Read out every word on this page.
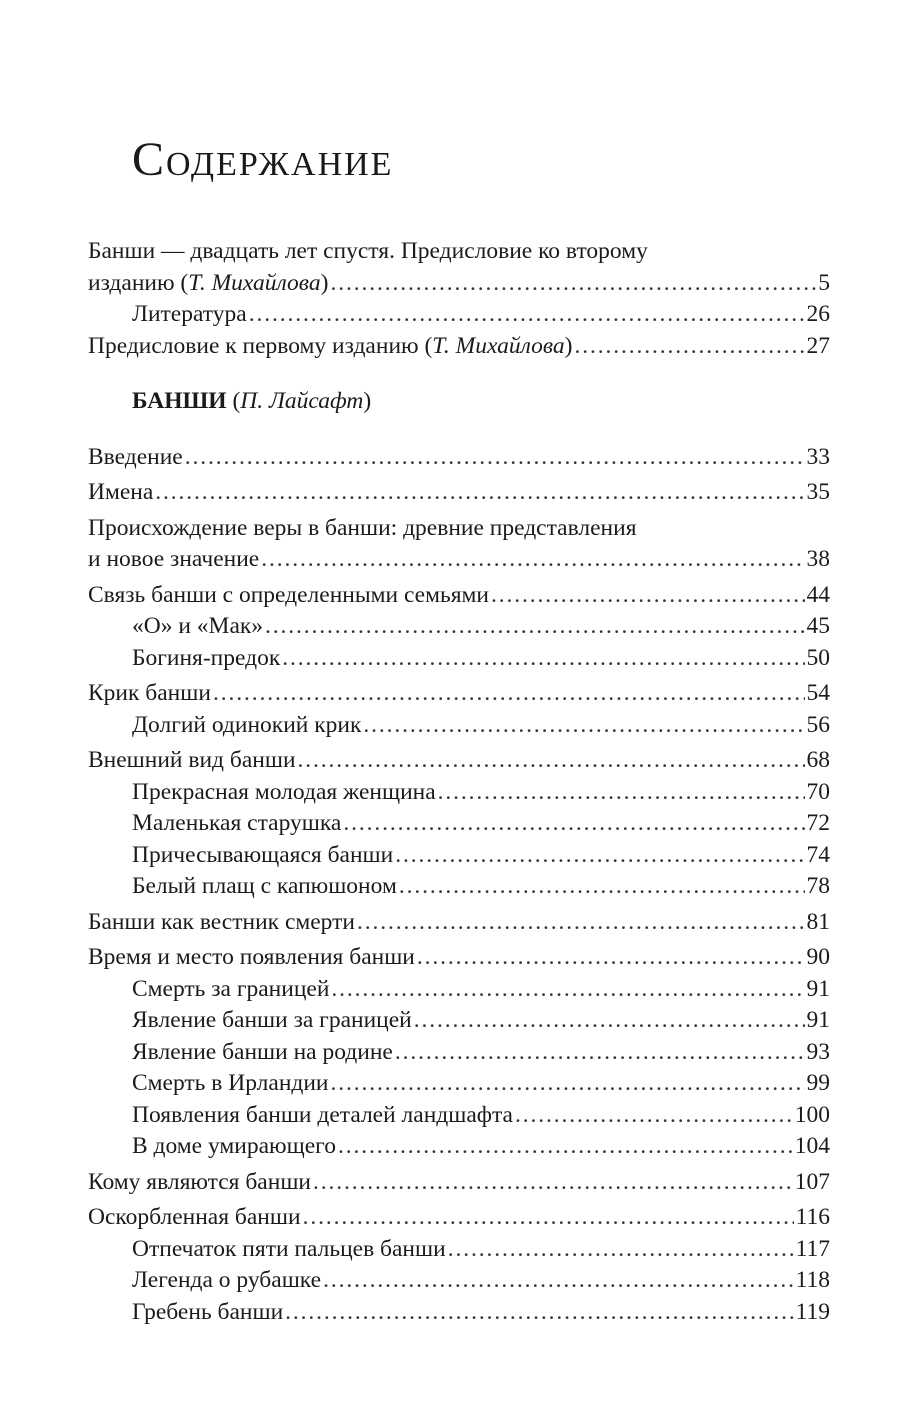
Содержание
Банши — двадцать лет спустя. Предисловие ко второму
изданию (Т. Михайлова) . . .	5
Литература . . .	26
Предисловие к первому изданию (Т. Михайлова) . . .	27
БАНШИ (П. Лайсафт)
Введение . . .	33
Имена . . .	35
Происхождение веры в банши: древние представления
и новое значение . . .	38
Связь банши с определенными семьями . . .	44
«О» и «Мак» . . .	45
Богиня-предок . . .	50
Крик банши . . .	54
Долгий одинокий крик . . .	56
Внешний вид банши . . .	68
Прекрасная молодая женщина . . .	70
Маленькая старушка . . .	72
Причесывающаяся банши . . .	74
Белый плащ с капюшоном . . .	78
Банши как вестник смерти . . .	81
Время и место появления банши . . .	90
Смерть за границей . . .	91
Явление банши за границей . . .	91
Явление банши на родине . . .	93
Смерть в Ирландии . . .	99
Появления банши деталей ландшафта . . .	100
В доме умирающего . . .	104
Кому являются банши . . .	107
Оскорбленная банши . . .	116
Отпечаток пяти пальцев банши . . .	117
Легенда о рубашке . . .	118
Гребень банши . . .	119
